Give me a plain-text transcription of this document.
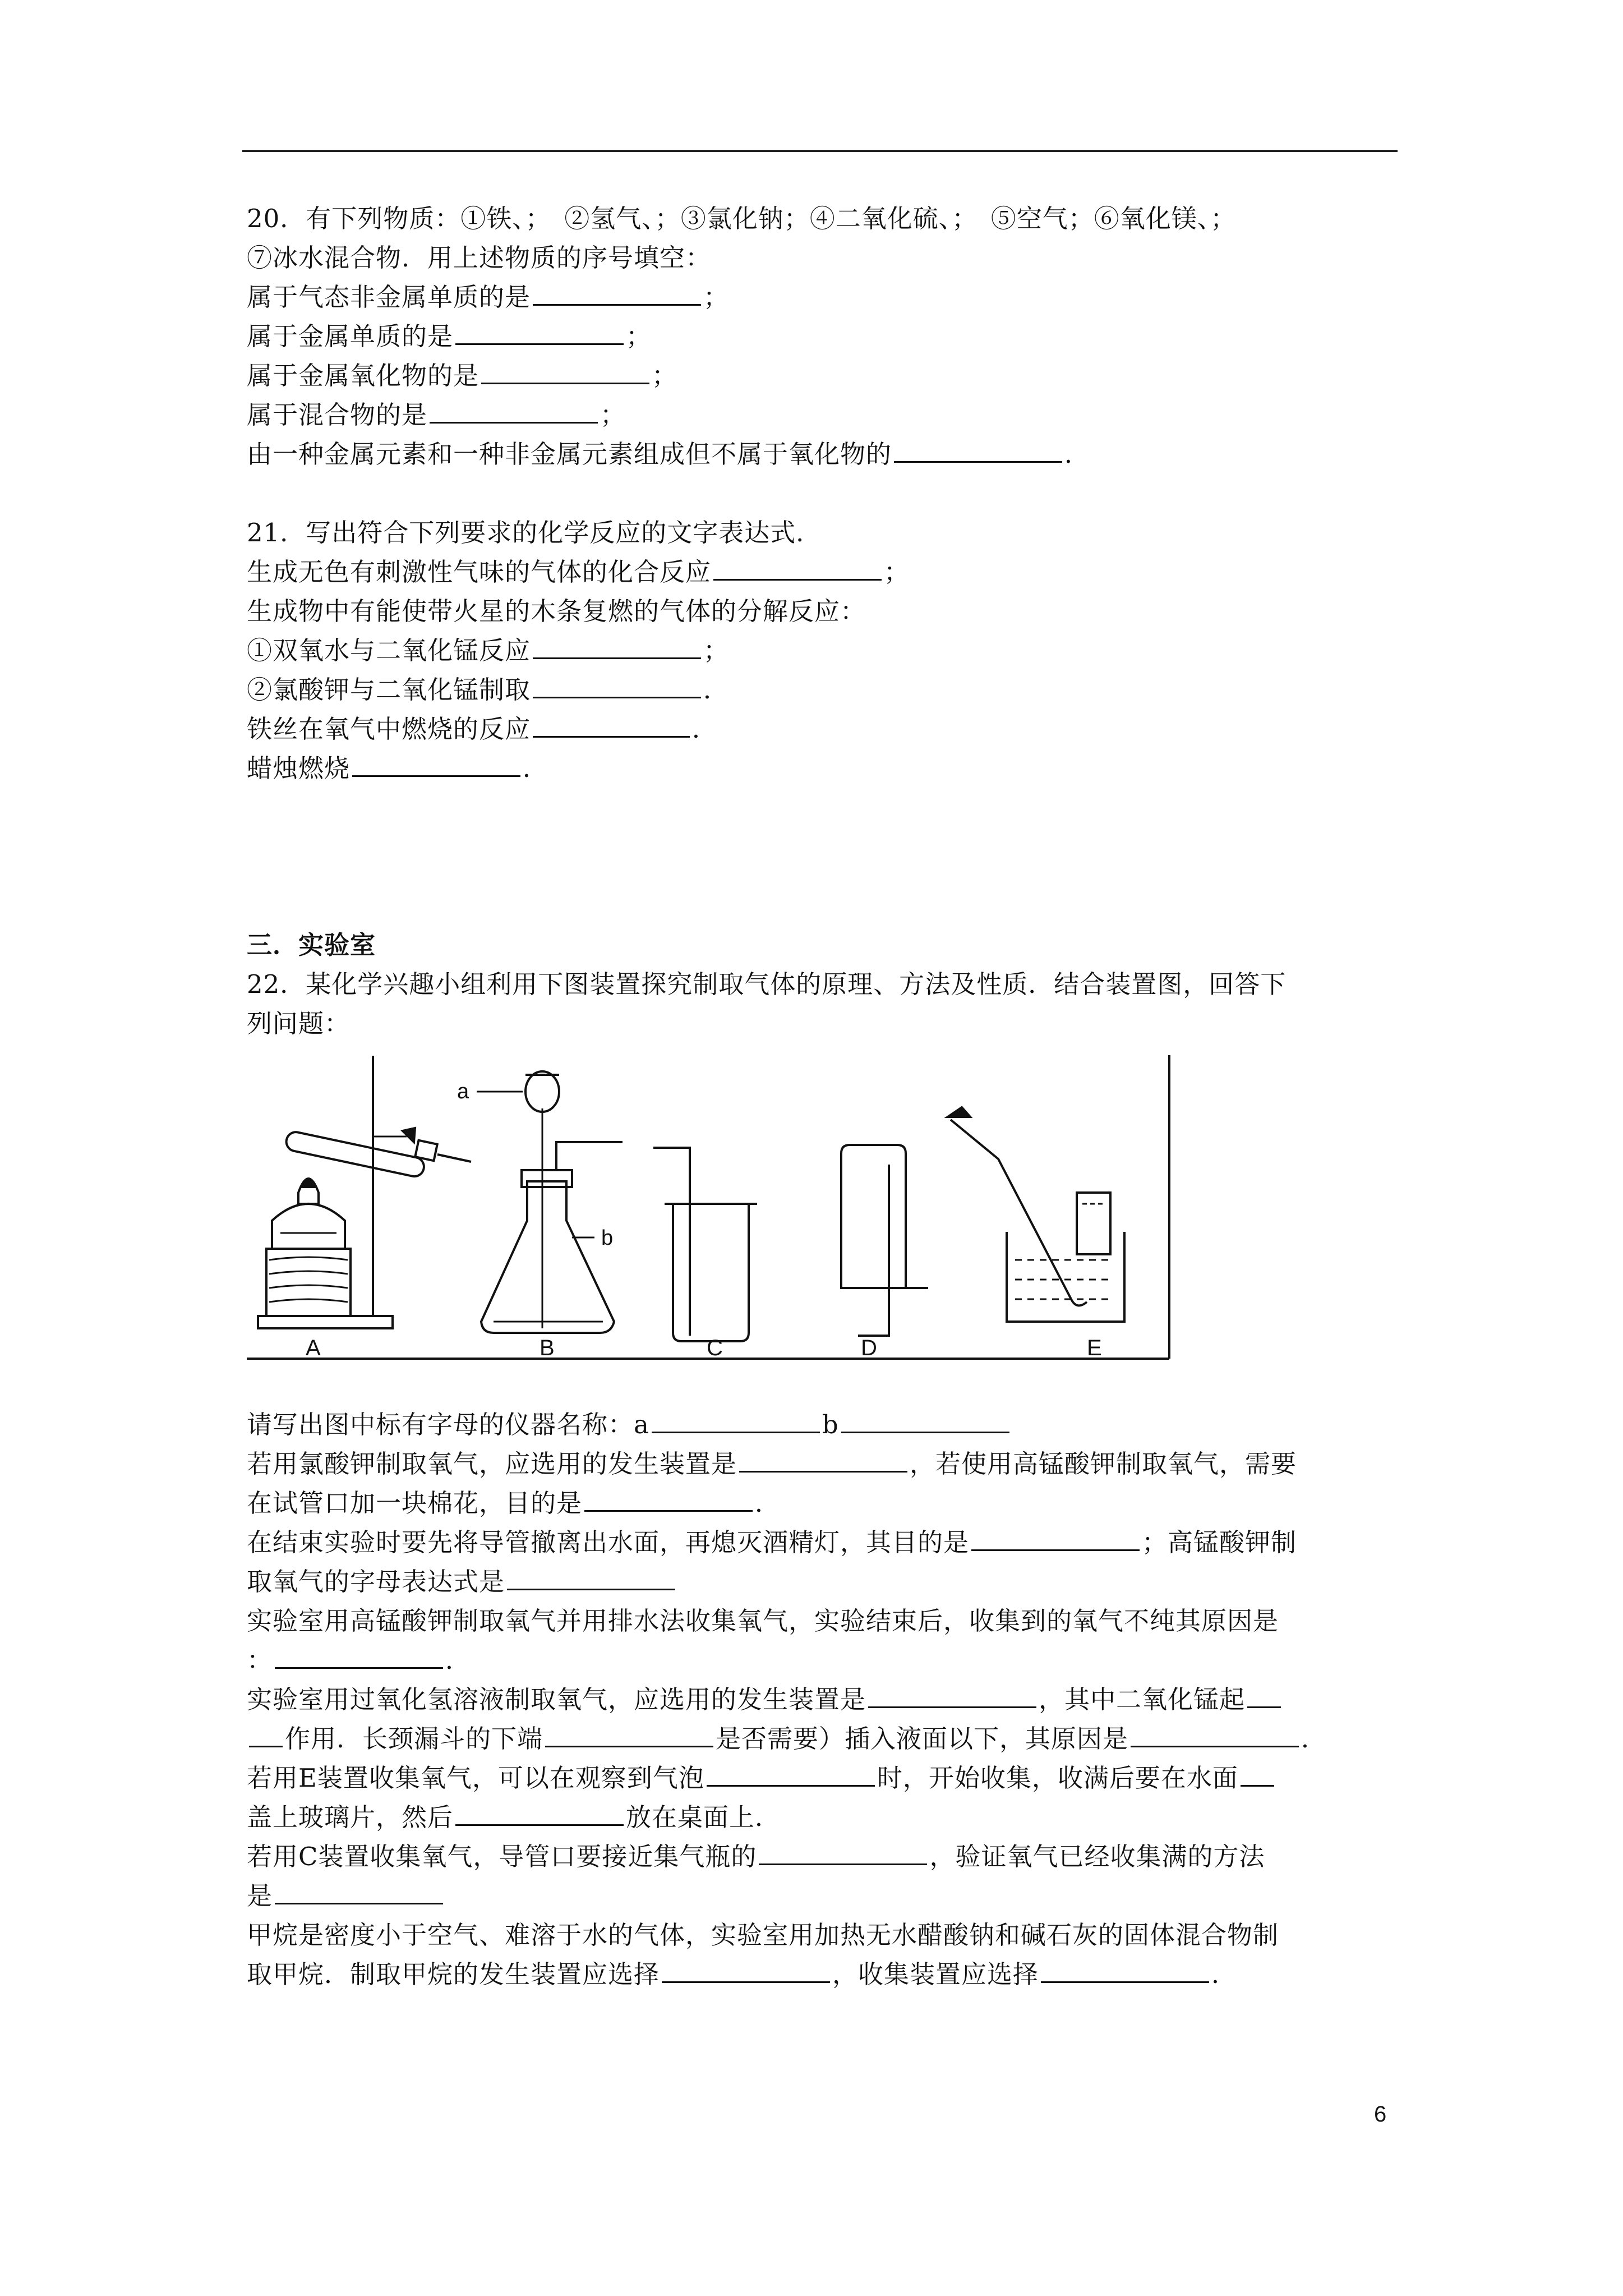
20．有下列物质：①铁、；　②氢气、；③氯化钠；④二氧化硫、；　⑤空气；⑥氧化镁、；
⑦冰水混合物．用上述物质的序号填空：
属于气态非金属单质的是	；
属于金属单质的是	；
属于金属氧化物的是	；
属于混合物的是	；
由一种金属元素和一种非金属元素组成但不属于氧化物的	．
21．写出符合下列要求的化学反应的文字表达式．
生成无色有刺激性气味的气体的化合反应	；
生成物中有能使带火星的木条复燃的气体的分解反应：
①双氧水与二氧化锰反应	；
②氯酸钾与二氧化锰制取	．
铁丝在氧气中燃烧的反应	．
蜡烛燃烧	．
三．实验室
22．某化学兴趣小组利用下图装置探究制取气体的原理、方法及性质．结合装置图，回答下
列问题：
a
b
A	B	C	D	E
请写出图中标有字母的仪器名称：a	b
若用氯酸钾制取氧气，应选用的发生装置是	，若使用高锰酸钾制取氧气，需要
在试管口加一块棉花，目的是	．
在结束实验时要先将导管撤离出水面，再熄灭酒精灯，其目的是	；高锰酸钾制
取氧气的字母表达式是
实验室用高锰酸钾制取氧气并用排水法收集氧气，实验结束后，收集到的氧气不纯其原因是
：	．
实验室用过氧化氢溶液制取氧气，应选用的发生装置是	，其中二氧化锰起
作用．长颈漏斗的下端	是否需要）插入液面以下，其原因是	．
若用E装置收集氧气，可以在观察到气泡	时，开始收集，收满后要在水面
盖上玻璃片，然后	放在桌面上．
若用C装置收集氧气，导管口要接近集气瓶的	，验证氧气已经收集满的方法
是
甲烷是密度小于空气、难溶于水的气体，实验室用加热无水醋酸钠和碱石灰的固体混合物制
取甲烷．制取甲烷的发生装置应选择	，收集装置应选择	．
6
